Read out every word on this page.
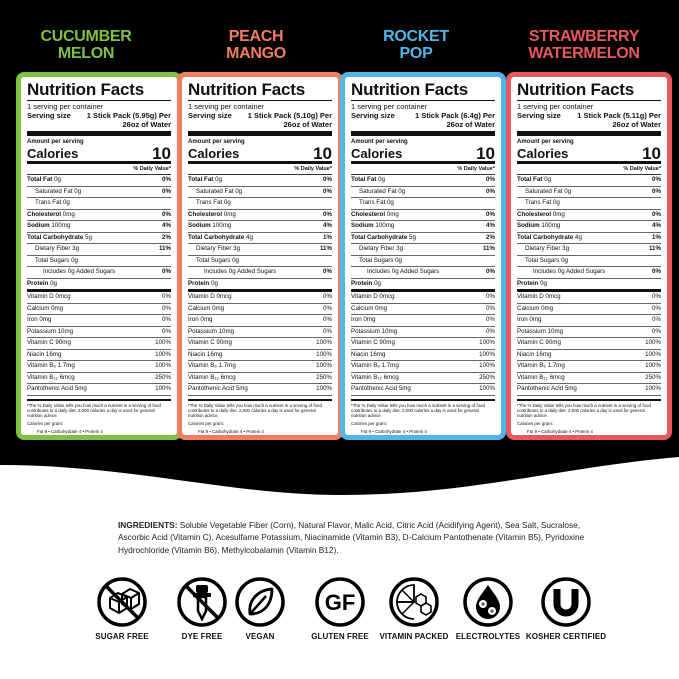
CUCUMBER
MELON
Nutrition Facts
1 serving per container
Serving size 1 Stick Pack (5.95g) Per 26oz of Water
Amount per serving
Calories	10
% Daily Value*
Total Fat 0g	0%
Saturated Fat 0g	0%
Trans Fat 0g
Cholesterol 0mg	0%
Sodium 100mg	4%
Total Carbohydrate 5g	2%
Dietary Fiber 3g	11%
Total Sugars 0g
Includes 0g Added Sugars	0%
Protein 0g
Vitamin D 0mcg	0%
Calcium 0mg	0%
Iron 0mg	0%
Potassium 10mg	0%
Vitamin C 90mg	100%
Niacin 16mg	100%
Vitamin B₆ 1.7mg	100%
Vitamin B₁₂ 6mcg	250%
Pantothenic Acid 5mg	100%
*The % Daily Value tells you how much a nutrient in a serving of food contributes to a daily diet. 2,000 calories a day is used for general nutrition advice.
Calories per gram:
Fat 9 • Carbohydrate 4 • Protein 4
PEACH
MANGO
Nutrition Facts
1 serving per container
Serving size 1 Stick Pack (5.10g) Per 26oz of Water
Amount per serving
Calories	10
% Daily Value*
Total Fat 0g	0%
Saturated Fat 0g	0%
Trans Fat 0g
Cholesterol 0mg	0%
Sodium 100mg	4%
Total Carbohydrate 4g	1%
Dietary Fiber 3g	11%
Total Sugars 0g
Includes 0g Added Sugars	0%
Protein 0g
Vitamin D 0mcg	0%
Calcium 0mg	0%
Iron 0mg	0%
Potassium 10mg	0%
Vitamin C 90mg	100%
Niacin 16mg	100%
Vitamin B₆ 1.7mg	100%
Vitamin B₁₂ 6mcg	250%
Pantothenic Acid 5mg	100%
*The % Daily Value tells you how much a nutrient in a serving of food contributes to a daily diet. 2,000 calories a day is used for general nutrition advice.
Calories per gram:
Fat 9 • Carbohydrate 4 • Protein 4
ROCKET
POP
Nutrition Facts
1 serving per container
Serving size	1 Stick Pack (6.4g) Per 26oz of Water
Amount per serving
Calories	10
% Daily Value*
Total Fat 0g	0%
Saturated Fat 0g	0%
Trans Fat 0g
Cholesterol 0mg	0%
Sodium 100mg	4%
Total Carbohydrate 5g	2%
Dietary Fiber 3g	11%
Total Sugars 0g
Includes 0g Added Sugars	0%
Protein 0g
Vitamin D 0mcg	0%
Calcium 0mg	0%
Iron 0mg	0%
Potassium 10mg	0%
Vitamin C 90mg	100%
Niacin 16mg	100%
Vitamin B₆ 1.7mg	100%
Vitamin B₁₂ 6mcg	250%
Pantothenic Acid 5mg	100%
*The % Daily Value tells you how much a nutrient in a serving of food contributes to a daily diet. 2,000 calories a day is used for general nutrition advice.
Calories per gram:
Fat 9 • Carbohydrate 4 • Protein 4
STRAWBERRY
WATERMELON
Nutrition Facts
1 serving per container
Serving size 1 Stick Pack (5.11g) Per 26oz of Water
Amount per serving
Calories	10
% Daily Value*
Total Fat 0g	0%
Saturated Fat 0g	0%
Trans Fat 0g
Cholesterol 0mg	0%
Sodium 100mg	4%
Total Carbohydrate 4g	1%
Dietary Fiber 3g	11%
Total Sugars 0g
Includes 0g Added Sugars	0%
Protein 0g
Vitamin D 0mcg	0%
Calcium 0mg	0%
Iron 0mg	0%
Potassium 10mg	0%
Vitamin C 90mg	100%
Niacin 16mg	100%
Vitamin B₆ 1.7mg	100%
Vitamin B₁₂ 6mcg	250%
Pantothenic Acid 5mg	100%
*The % Daily Value tells you how much a nutrient in a serving of food contributes to a daily diet. 2,000 calories a day is used for general nutrition advice.
Calories per gram:
Fat 9 • Carbohydrate 4 • Protein 4
INGREDIENTS: Soluble Vegetable Fiber (Corn), Natural Flavor, Malic Acid, Citric Acid (Acidifying Agent), Sea Salt, Sucralose, Ascorbic Acid (Vitamin C), Acesulfame Potassium, Niacinamide (Vitamin B3), D-Calcium Pantothenate (Vitamin B5), Pyridoxine Hydrochloride (Vitamin B6), Methylcobalamin (Vitamin B12).
SUGAR FREE	DYE FREE	VEGAN
GF
GLUTEN FREE	VITAMIN PACKED
+
+
ELECTROLYTES KOSHER CERTIFIED
